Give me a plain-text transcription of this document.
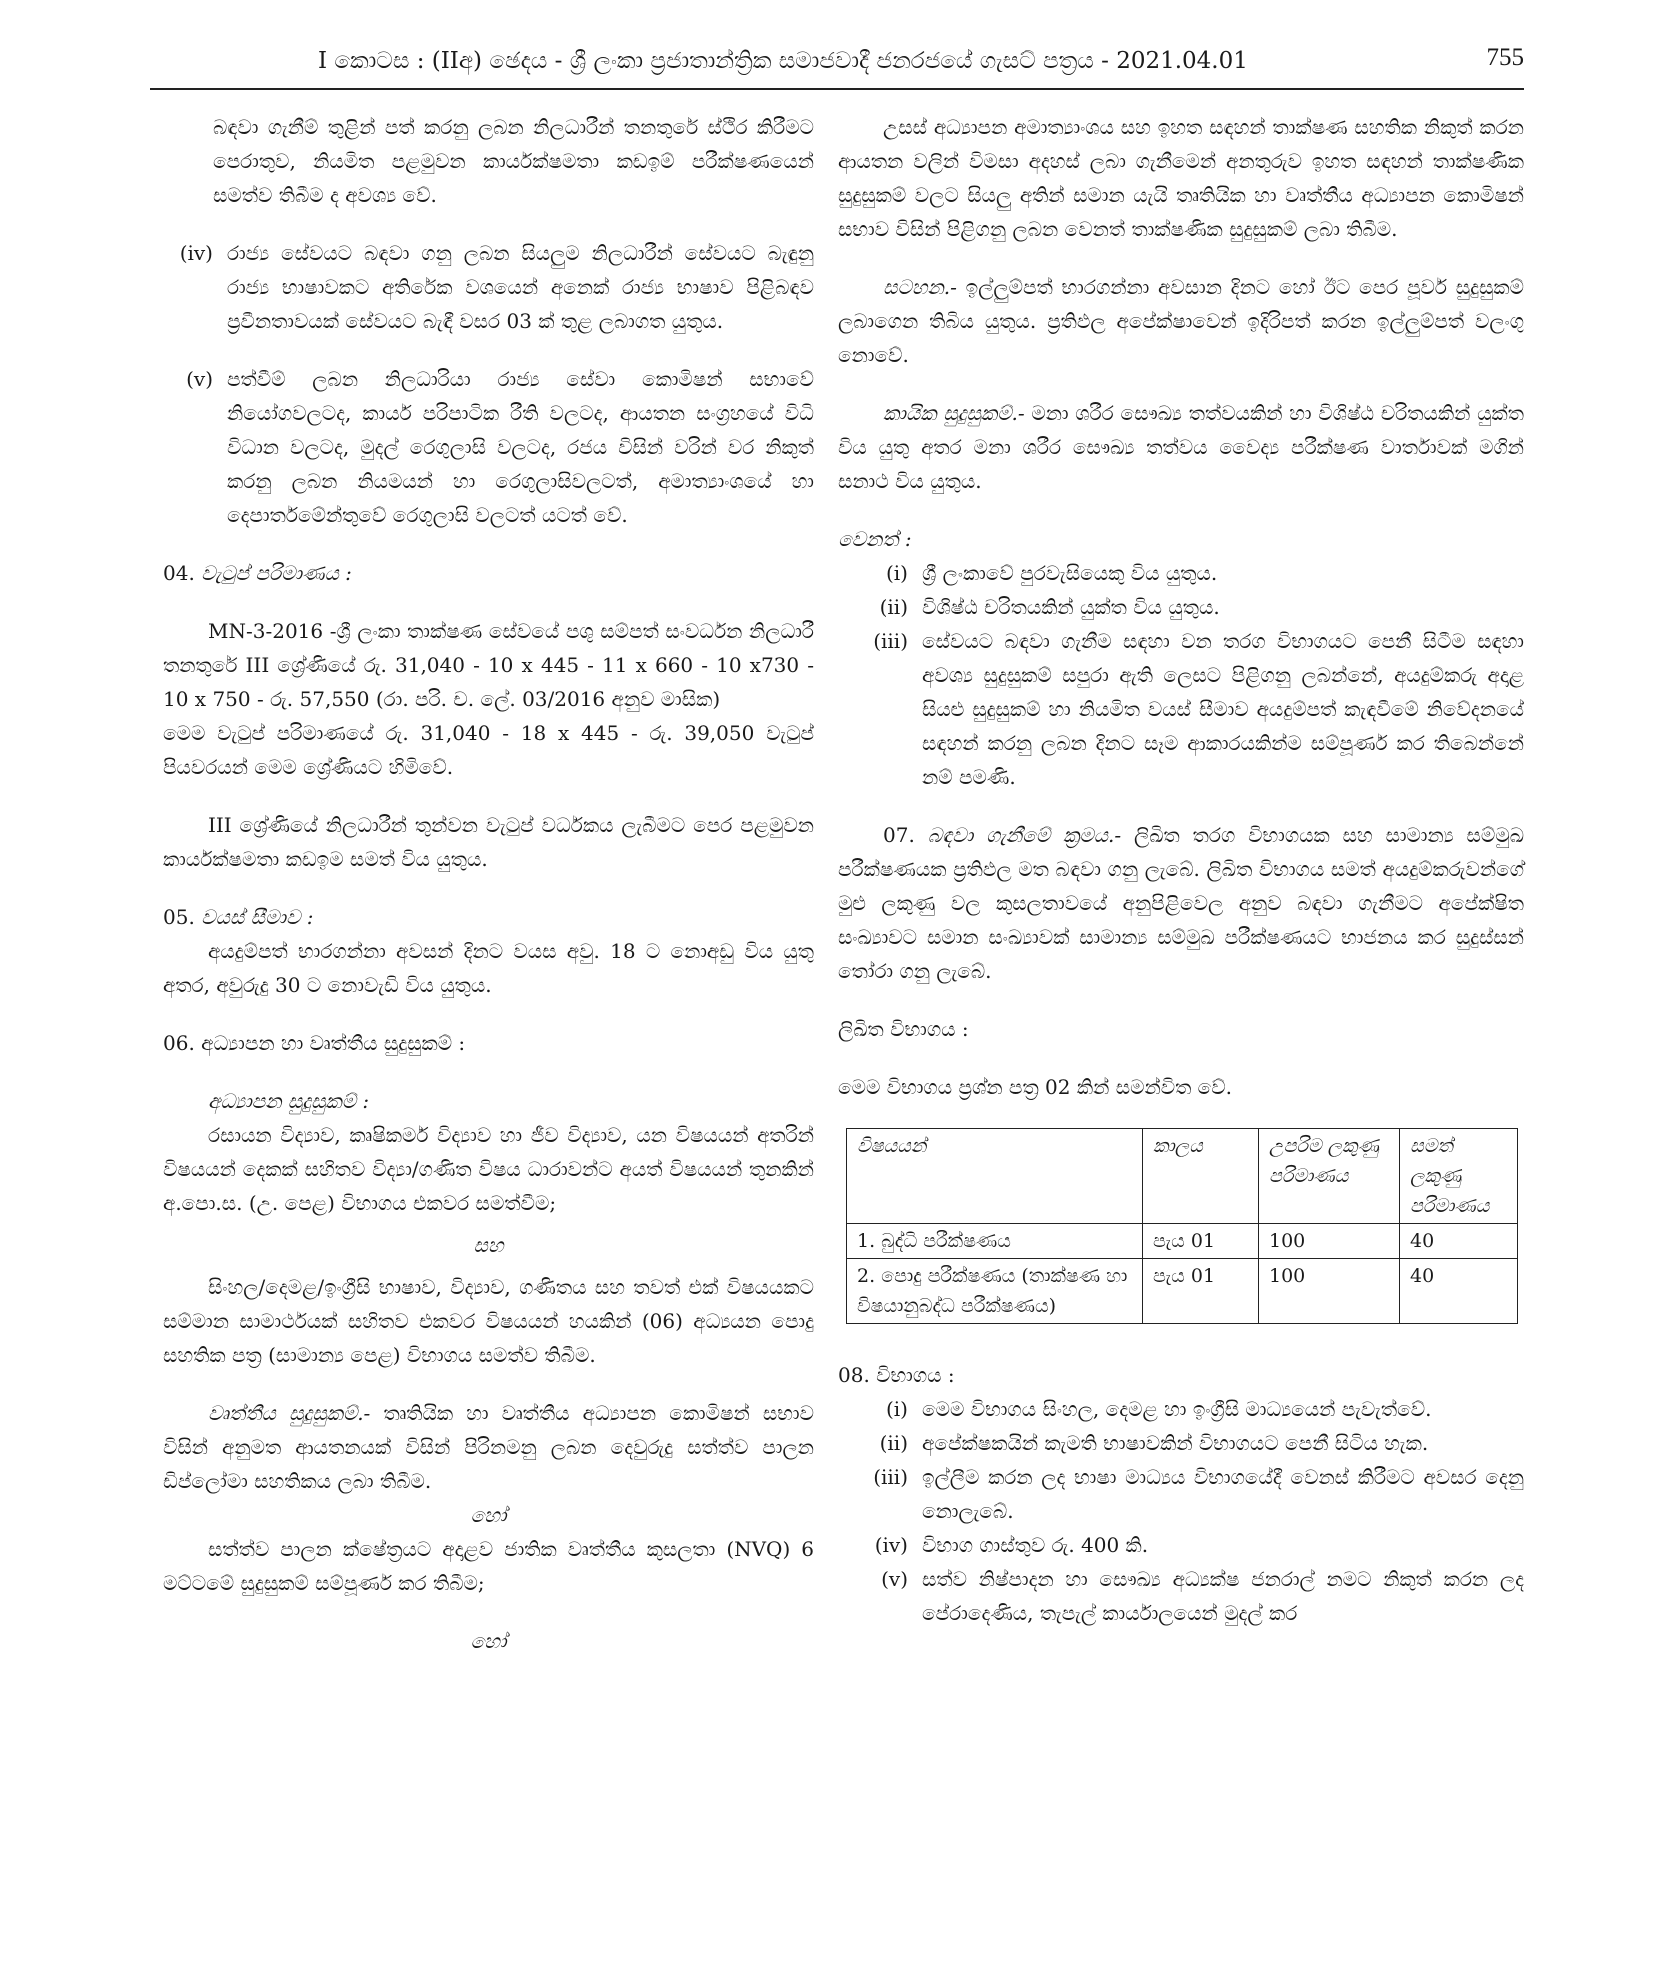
I කොටස : (IIඅ) ඡෙදය - ශ්‍රී ලංකා ප්‍රජාතාන්ත්‍රික සමාජවාදී ජනරජයේ ගැසට් පත්‍රය - 2021.04.01	755

බඳවා ගැනීම් තුළින් පත් කරනු ලබන නිලධාරීන් තනතුරේ ස්ථිර කිරීමට පෙරාතුව, නියමිත පළමුවන කාර්යක්ෂමතා කඩඉම් පරීක්ෂණයෙන් සමත්ව තිබීම ද අවශ්‍ය වේ.

(iv) රාජ්‍ය සේවයට බඳවා ගනු ලබන සියලුම නිලධාරීන් සේවයට බැඳුනු රාජ්‍ය භාෂාවකට අතිරේක වශයෙන් අනෙක් රාජ්‍ය භාෂාව පිළිබඳව ප්‍රවීනතාවයක් සේවයට බැඳී වසර 03 ක් තුළ ලබාගත යුතුය.
(v) පත්වීම් ලබන නිලධාරියා රාජ්‍ය සේවා කොමිෂන් සභාවේ නියෝගවලටද, කාර්ය පරිපාටික රීති වලටද, ආයතන සංග්‍රහයේ විධි විධාන වලටද, මුදල් රෙගුලාසි වලටද, රජය විසින් වරින් වර නිකුත් කරනු ලබන නියමයන් හා රෙගුලාසිවලටත්, අමාත්‍යාංශයේ හා දෙපාර්තමේන්තුවේ රෙගුලාසි වලටත් යටත් වේ.

04. වැටුප් පරිමාණය :

MN-3-2016 -ශ්‍රී ලංකා තාක්ෂණ සේවයේ පශු සම්පත් සංවර්ධන නිලධාරී තනතුරේ III ශ්‍රේණියේ රු. 31,040 - 10 x 445 - 11 x 660 - 10 x730 - 10 x 750 - රු. 57,550 (රා. පරි. ච. ලේ. 03/2016 අනුව මාසික)

මෙම වැටුප් පරිමාණයේ රු. 31,040 - 18 x 445 - රු. 39,050 වැටුප් පියවරයන් මෙම ශ්‍රේණියට හිමිවේ.

III ශ්‍රේණියේ නිලධාරීන් තුන්වන වැටුප් වර්ධකය ලැබීමට පෙර පළමුවන කාර්යක්ෂමතා කඩඉම සමත් විය යුතුය.

05. වයස් සීමාව :

අයදුම්පත් භාරගන්නා අවසන් දිනට වයස අවු. 18 ට නොඅඩු විය යුතු අතර, අවුරුදු 30 ට නොවැඩි විය යුතුය.

06. අධ්‍යාපන හා වෘත්තීය සුදුසුකම් :

අධ්‍යාපන සුදුසුකම් :

රසායන විද්‍යාව, කෘෂිකර්ම විද්‍යාව හා ජීව විද්‍යාව, යන විෂයයන් අතරින් විෂයයන් දෙකක් සහිතව විද්‍යා/ගණිත විෂය ධාරාවන්ට අයත් විෂයයන් තුනකින් අ.පො.ස. (උ. පෙළ) විභාගය එකවර සමත්වීම;

සහ

සිංහල/දෙමළ/ඉංග්‍රීසි භාෂාව, විද්‍යාව, ගණිතය සහ තවත් එක් විෂයයකට සම්මාන සාමාර්ථයක් සහිතව එකවර විෂයයන් හයකින් (06) අධ්‍යයන පොදු සහතික පත්‍ර (සාමාන්‍ය පෙළ) විභාගය සමත්ව තිබීම.

වෘත්තීය සුදුසුකම්.- තෘතියික හා වෘත්තීය අධ්‍යාපන කොමිෂන් සභාව විසින් අනුමත ආයතනයක් විසින් පිරිනමනු ලබන දෙවුරුදු සත්ත්ව පාලන ඩිප්ලෝමා සහතිකය ලබා තිබීම.

හෝ

සත්ත්ව පාලන ක්ෂේත්‍රයට අදාළව ජාතික වෘත්තීය කුසලතා (NVQ) 6 මට්ටමේ සුදුසුකම් සම්පූර්ණ කර තිබීම;

හෝ

උසස් අධ්‍යාපන අමාත්‍යාංශය සහ ඉහත සඳහන් තාක්ෂණ සහතික නිකුත් කරන ආයතන වලින් විමසා අදහස් ලබා ගැනීමෙන් අනතුරුව ඉහත සඳහන් තාක්ෂණික සුදුසුකම් වලට සියලු අතින් සමාන යැයි තෘතියික හා වෘත්තීය අධ්‍යාපන කොමිෂන් සභාව විසින් පිළිගනු ලබන වෙනත් තාක්ෂණික සුදුසුකම් ලබා තිබීම.

සටහන.- ඉල්ලුම්පත් භාරගන්නා අවසාන දිනට හෝ ඊට පෙර පූර්ව සුදුසුකම් ලබාගෙන තිබිය යුතුය. ප්‍රතිඵල අපේක්ෂාවෙන් ඉදිරිපත් කරන ඉල්ලුම්පත් වලංගු නොවේ.

කායික සුදුසුකම්.- මනා ශරීර සෞඛ්‍ය තත්වයකින් හා විශිෂ්ඨ චරිතයකින් යුක්ත විය යුතු අතර මනා ශරීර සෞඛ්‍ය තත්වය වෛද්‍ය පරීක්ෂණ වාර්තාවක් මගින් සනාථ විය යුතුය.

වෙනත් :

(i) ශ්‍රී ලංකාවේ පුරවැසියෙකු විය යුතුය.
(ii) විශිෂ්ඨ චරිතයකින් යුක්ත විය යුතුය.
(iii) සේවයට බඳවා ගැනීම සඳහා වන තරග විභාගයට පෙනී සිටීම සඳහා අවශ්‍ය සුදුසුකම් සපුරා ඇති ලෙසට පිළිගනු ලබන්නේ, අයදුම්කරු අදාළ සියළු සුදුසුකම් හා නියමිත වයස් සීමාව අයදුම්පත් කැඳවීමේ නිවේදනයේ සඳහන් කරනු ලබන දිනට සෑම ආකාරයකින්ම සම්පූර්ණ කර තිබෙන්නේ නම් පමණි.

07. බඳවා ගැනීමේ ක්‍රමය.- ලිඛිත තරග විභාගයක සහ සාමාන්‍ය සම්මුඛ පරීක්ෂණයක ප්‍රතිඵල මත බඳවා ගනු ලැබේ. ලිඛිත විභාගය සමත් අයදුම්කරුවන්ගේ මුළු ලකුණු වල කුසලතාවයේ අනුපිළිවෙල අනුව බඳවා ගැනීමට අපේක්ෂිත සංඛ්‍යාවට සමාන සංඛ්‍යාවක් සාමාන්‍ය සම්මුඛ පරීක්ෂණයට භාජනය කර සුදුස්සන් තෝරා ගනු ලැබේ.

ලිඛිත විභාගය :

මෙම විභාගය ප්‍රශ්න පත්‍ර 02 කින් සමන්විත වේ.

විෂයයන්	කාලය	උපරිම ලකුණු පරිමාණය	සමත් ලකුණු පරිමාණය
1. බුද්ධි පරීක්ෂණය	පැය 01	100	40
2. පොදු පරීක්ෂණය (තාක්ෂණ හා විෂයානුබද්ධ පරීක්ෂණය)	පැය 01	100	40

08. විභාගය :

(i) මෙම විභාගය සිංහල, දෙමළ හා ඉංග්‍රීසි මාධ්‍යයෙන් පැවැත්වේ.
(ii) අපේක්ෂකයින් කැමති භාෂාවකින් විභාගයට පෙනී සිටිය හැක.
(iii) ඉල්ලීම කරන ලද භාෂා මාධ්‍යය විභාගයේදී වෙනස් කිරීමට අවසර දෙනු නොලැබේ.
(iv) විභාග ගාස්තුව රු. 400 කි.
(v) සත්ව නිෂ්පාදන හා සෞඛ්‍ය අධ්‍යක්ෂ ජනරාල් නමට නිකුත් කරන ලද පේරාදෙණිය, තැපැල් කාර්යාලයෙන් මුදල් කර
